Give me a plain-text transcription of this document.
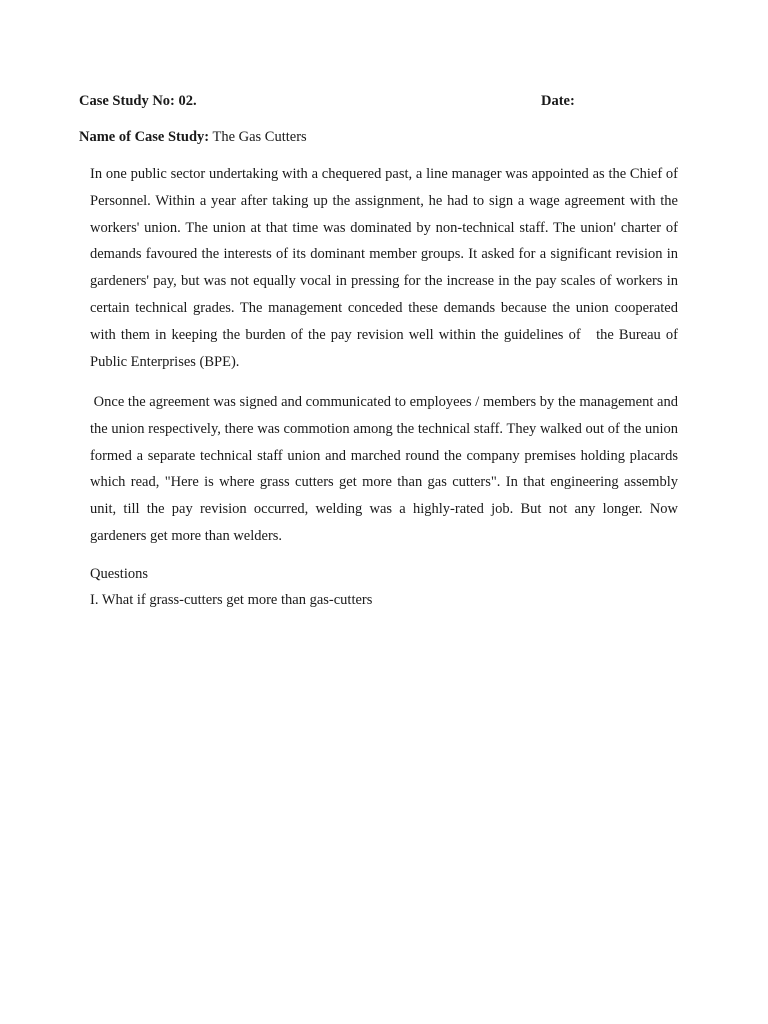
Case Study No: 02.	Date:
Name of Case Study: The Gas Cutters

In one public sector undertaking with a chequered past, a line manager was appointed as the Chief of Personnel. Within a year after taking up the assignment, he had to sign a wage agreement with the workers' union. The union at that time was dominated by non-technical staff. The union' charter of demands favoured the interests of its dominant member groups. It asked for a significant revision in gardeners' pay, but was not equally vocal in pressing for the increase in the pay scales of workers in certain technical grades. The management conceded these demands because the union cooperated with them in keeping the burden of the pay revision well within the guidelines of   the Bureau of Public Enterprises (BPE).

Once the agreement was signed and communicated to employees / members by the management and the union respectively, there was commotion among the technical staff. They walked out of the union formed a separate technical staff union and marched round the company premises holding placards which read, "Here is where grass cutters get more than gas cutters". In that engineering assembly unit, till the pay revision occurred, welding was a highly-rated job. But not any longer. Now gardeners get more than welders.

Questions
I. What if grass-cutters get more than gas-cutters
